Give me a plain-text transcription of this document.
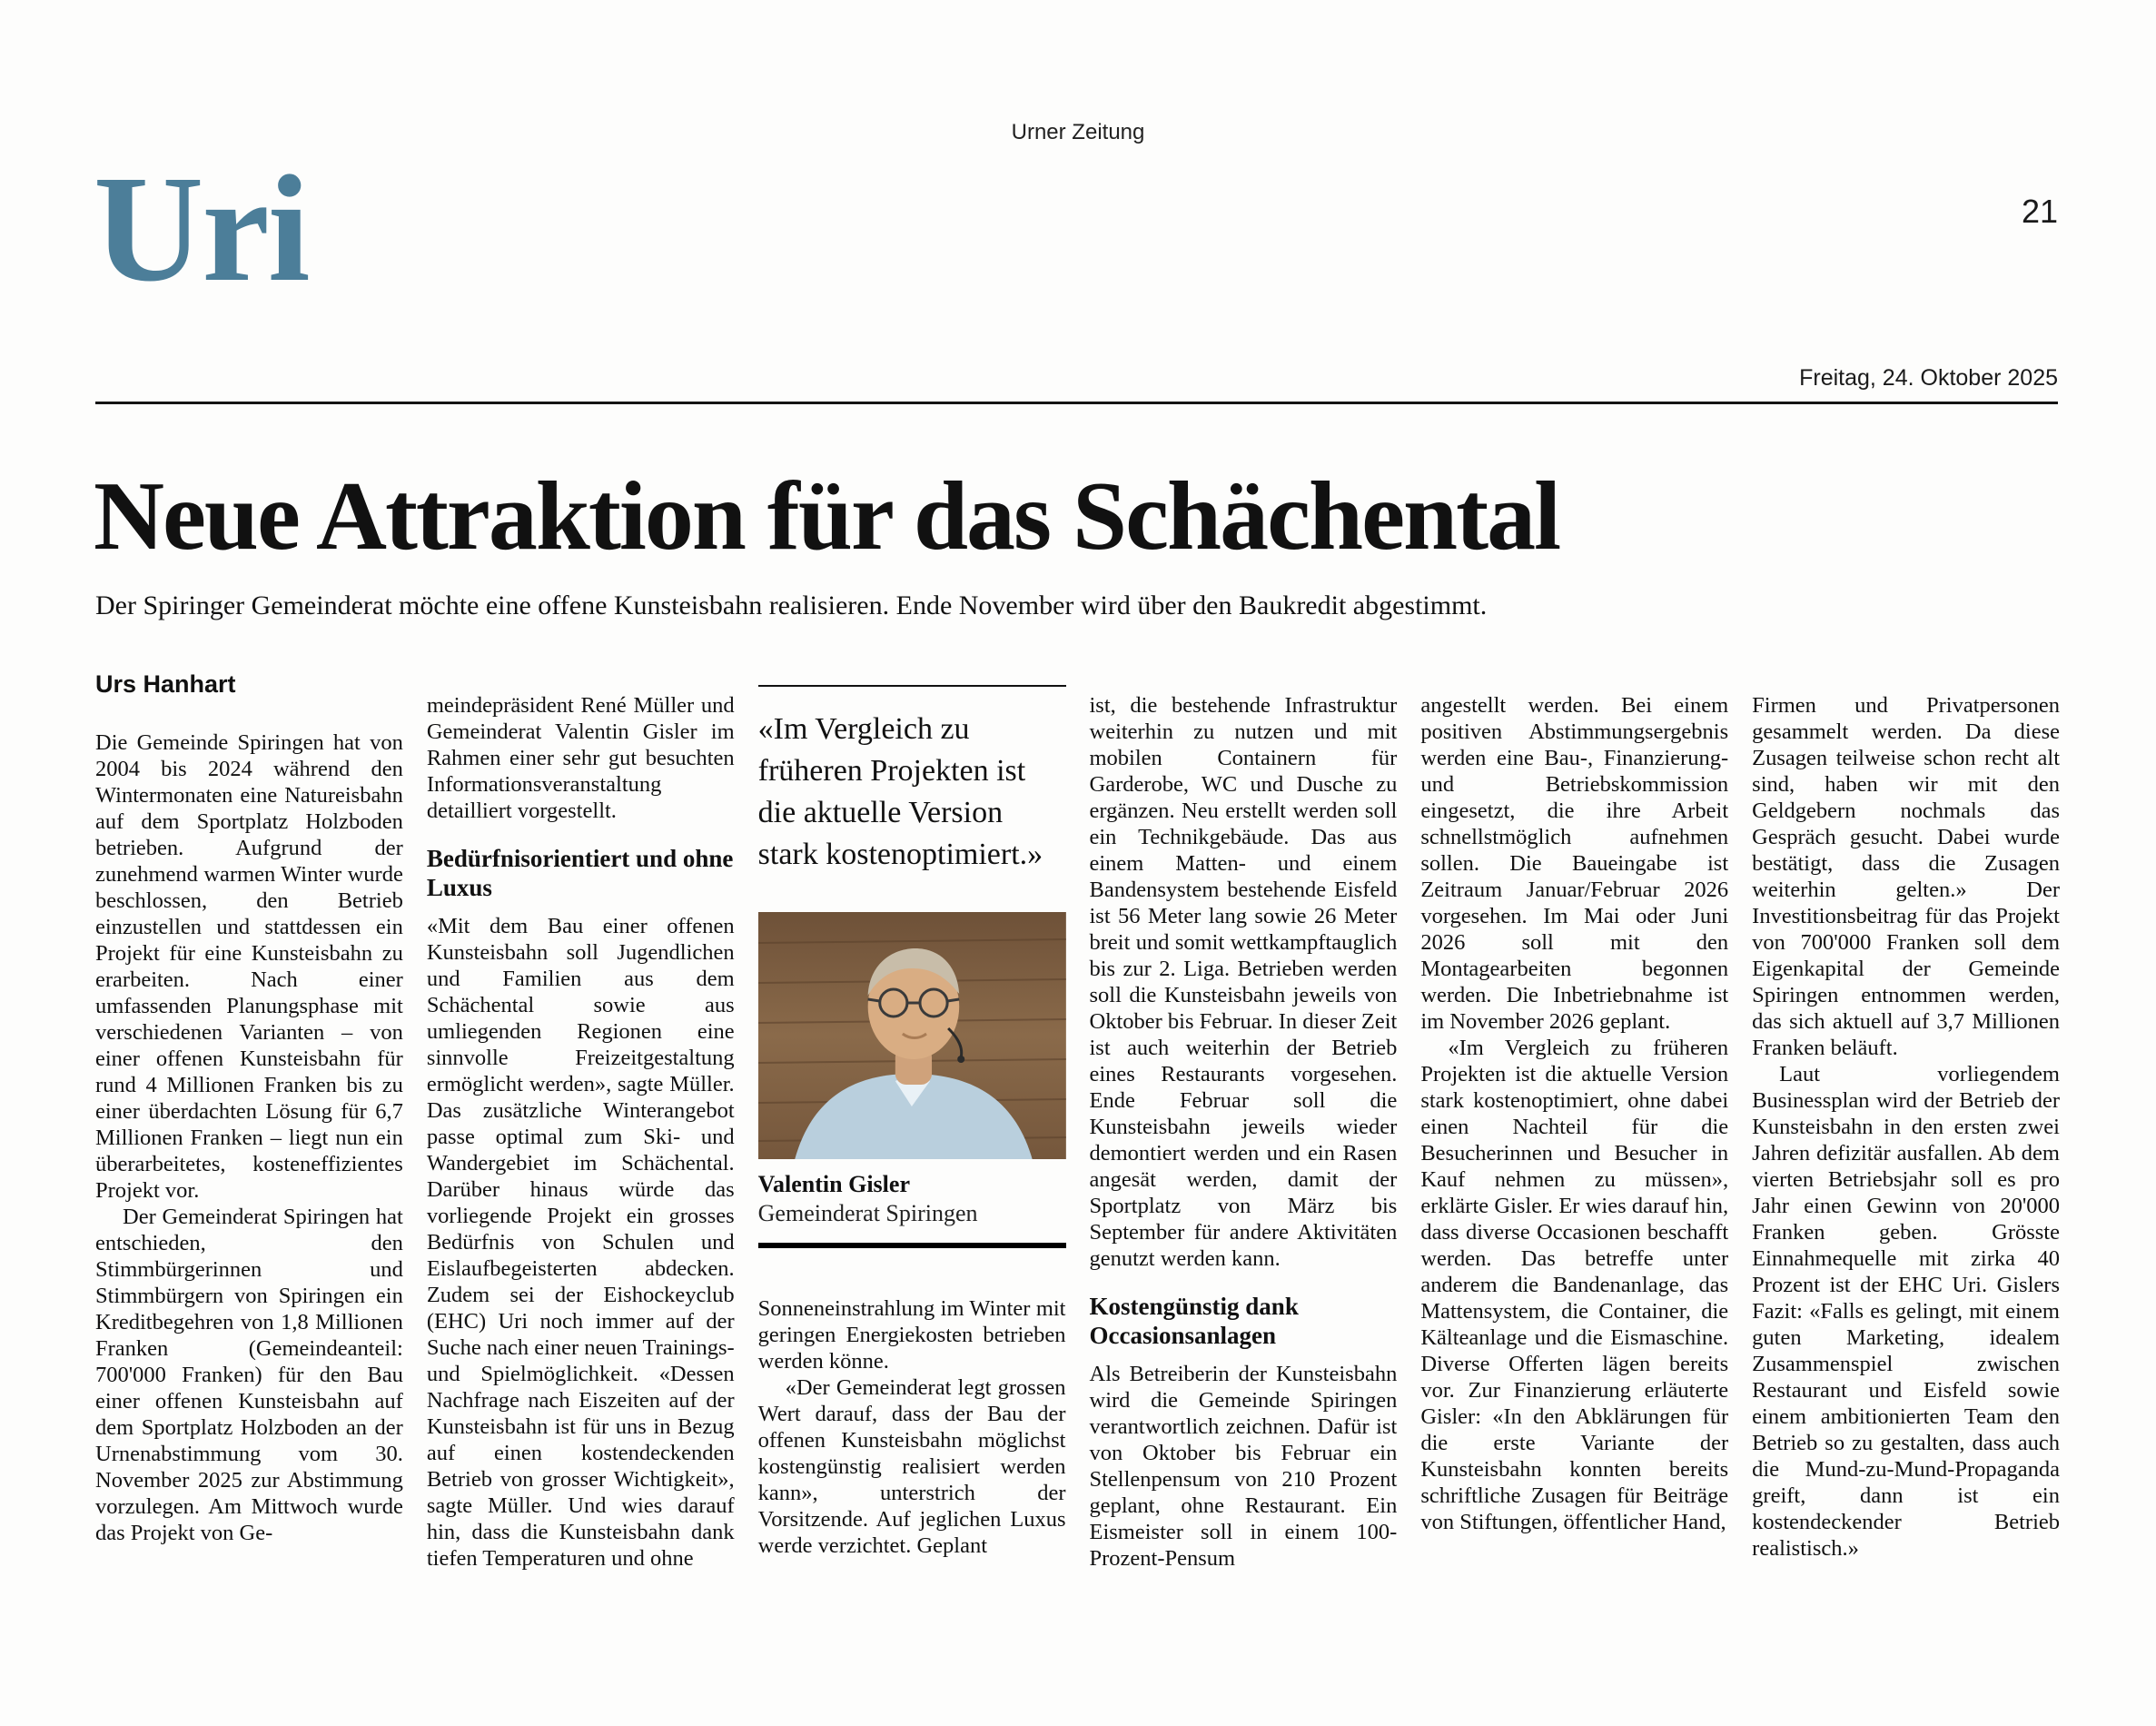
Urner Zeitung
21
Uri
Freitag, 24. Oktober 2025
Neue Attraktion für das Schächental
Der Spiringer Gemeinderat möchte eine offene Kunsteisbahn realisieren. Ende November wird über den Baukredit abgestimmt.
Urs Hanhart

Die Gemeinde Spiringen hat von 2004 bis 2024 während den Wintermonaten eine Natureisbahn auf dem Sportplatz Holzboden betrieben. Aufgrund der zunehmend warmen Winter wurde beschlossen, den Betrieb einzustellen und stattdessen ein Projekt für eine Kunsteisbahn zu erarbeiten. Nach einer umfassenden Planungsphase mit verschiedenen Varianten – von einer offenen Kunsteisbahn für rund 4 Millionen Franken bis zu einer überdachten Lösung für 6,7 Millionen Franken – liegt nun ein überarbeitetes, kosteneffizientes Projekt vor.

Der Gemeinderat Spiringen hat entschieden, den Stimmbürgerinnen und Stimmbürgern von Spiringen ein Kreditbegehren von 1,8 Millionen Franken (Gemeindeanteil: 700'000 Franken) für den Bau einer offenen Kunsteisbahn auf dem Sportplatz Holzboden an der Urnenabstimmung vom 30. November 2025 zur Abstimmung vorzulegen. Am Mittwoch wurde das Projekt von Ge-

meindepräsident René Müller und Gemeinderat Valentin Gisler im Rahmen einer sehr gut besuchten Informationsveranstaltung detailliert vorgestellt.

Bedürfnisorientiert und ohne Luxus

«Mit dem Bau einer offenen Kunsteisbahn soll Jugendlichen und Familien aus dem Schächental sowie aus umliegenden Regionen eine sinnvolle Freizeitgestaltung ermöglicht werden», sagte Müller. Das zusätzliche Winterangebot passe optimal zum Ski- und Wandergebiet im Schächental. Darüber hinaus würde das vorliegende Projekt ein grosses Bedürfnis von Schulen und Eislaufbegeisterten abdecken. Zudem sei der Eishockeyclub (EHC) Uri noch immer auf der Suche nach einer neuen Trainings- und Spielmöglichkeit. «Dessen Nachfrage nach Eiszeiten auf der Kunsteisbahn ist für uns in Bezug auf einen kostendeckenden Betrieb von grosser Wichtigkeit», sagte Müller. Und wies darauf hin, dass die Kunsteisbahn dank tiefen Temperaturen und ohne

«Im Vergleich zu früheren Projekten ist die aktuelle Version stark kostenoptimiert.»
Valentin Gisler
Gemeinderat Spiringen

Sonneneinstrahlung im Winter mit geringen Energiekosten betrieben werden könne.

«Der Gemeinderat legt grossen Wert darauf, dass der Bau der offenen Kunsteisbahn möglichst kostengünstig realisiert werden kann», unterstrich der Vorsitzende. Auf jeglichen Luxus werde verzichtet. Geplant

ist, die bestehende Infrastruktur weiterhin zu nutzen und mit mobilen Containern für Garderobe, WC und Dusche zu ergänzen. Neu erstellt werden soll ein Technikgebäude. Das aus einem Matten- und einem Bandensystem bestehende Eisfeld ist 56 Meter lang sowie 26 Meter breit und somit wettkampftauglich bis zur 2. Liga. Betrieben werden soll die Kunsteisbahn jeweils von Oktober bis Februar. In dieser Zeit ist auch weiterhin der Betrieb eines Restaurants vorgesehen. Ende Februar soll die Kunsteisbahn jeweils wieder demontiert werden und ein Rasen angesät werden, damit der Sportplatz von März bis September für andere Aktivitäten genutzt werden kann.

Kostengünstig dank Occasionsanlagen

Als Betreiberin der Kunsteisbahn wird die Gemeinde Spiringen verantwortlich zeichnen. Dafür ist von Oktober bis Februar ein Stellenpensum von 210 Prozent geplant, ohne Restaurant. Ein Eismeister soll in einem 100-Prozent-Pensum

angestellt werden. Bei einem positiven Abstimmungsergebnis werden eine Bau-, Finanzierung- und Betriebskommission eingesetzt, die ihre Arbeit schnellstmöglich aufnehmen sollen. Die Baueingabe ist Zeitraum Januar/Februar 2026 vorgesehen. Im Mai oder Juni 2026 soll mit den Montagearbeiten begonnen werden. Die Inbetriebnahme ist im November 2026 geplant.

«Im Vergleich zu früheren Projekten ist die aktuelle Version stark kostenoptimiert, ohne dabei einen Nachteil für die Besucherinnen und Besucher in Kauf nehmen zu müssen», erklärte Gisler. Er wies darauf hin, dass diverse Occasionen beschafft werden. Das betreffe unter anderem die Bandenanlage, das Mattensystem, die Container, die Kälteanlage und die Eismaschine. Diverse Offerten lägen bereits vor. Zur Finanzierung erläuterte Gisler: «In den Abklärungen für die erste Variante der Kunsteisbahn konnten bereits schriftliche Zusagen für Beiträge von Stiftungen, öffentlicher Hand,

Firmen und Privatpersonen gesammelt werden. Da diese Zusagen teilweise schon recht alt sind, haben wir mit den Geldgebern nochmals das Gespräch gesucht. Dabei wurde bestätigt, dass die Zusagen weiterhin gelten.» Der Investitionsbeitrag für das Projekt von 700'000 Franken soll dem Eigenkapital der Gemeinde Spiringen entnommen werden, das sich aktuell auf 3,7 Millionen Franken beläuft.

Laut vorliegendem Businessplan wird der Betrieb der Kunsteisbahn in den ersten zwei Jahren defizitär ausfallen. Ab dem vierten Betriebsjahr soll es pro Jahr einen Gewinn von 20'000 Franken geben. Grösste Einnahmequelle mit zirka 40 Prozent ist der EHC Uri. Gislers Fazit: «Falls es gelingt, mit einem guten Marketing, idealem Zusammenspiel zwischen Restaurant und Eisfeld sowie einem ambitionierten Team den Betrieb so zu gestalten, dass auch die Mund-zu-Mund-Propaganda greift, dann ist ein kostendeckender Betrieb realistisch.»
